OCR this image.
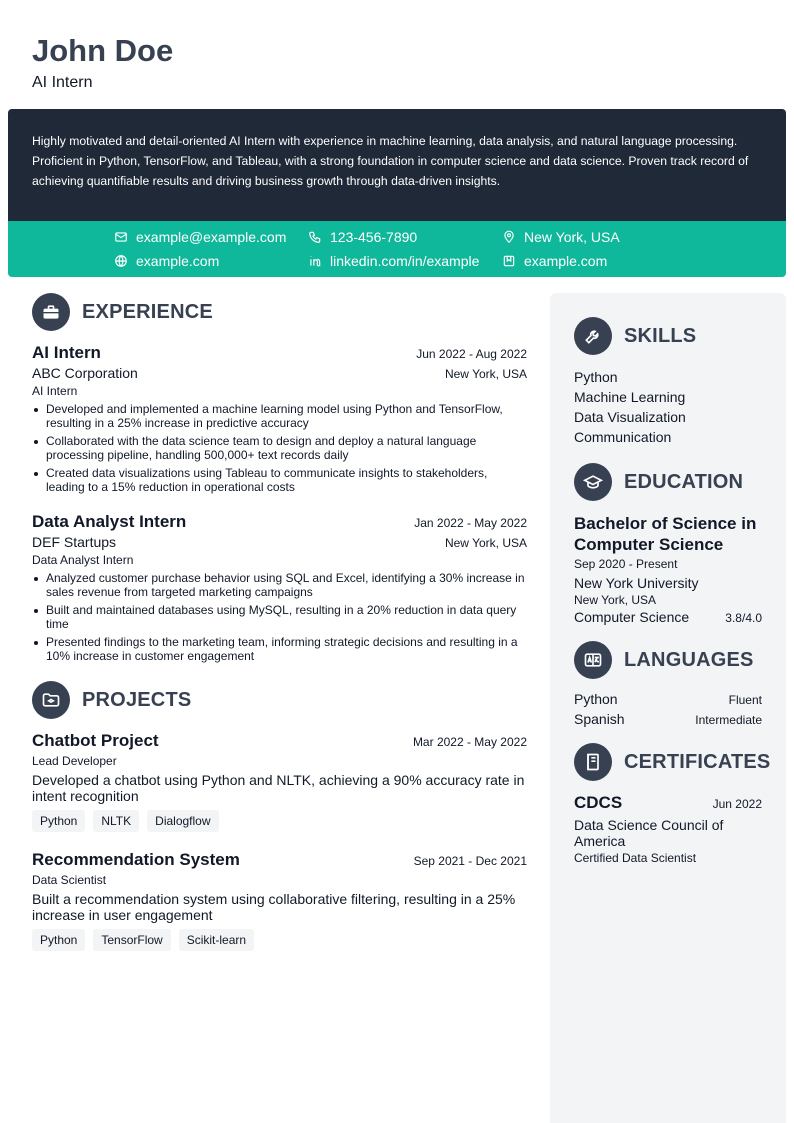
John Doe
AI Intern

Highly motivated and detail-oriented AI Intern with experience in machine learning, data analysis, and natural language processing. Proficient in Python, TensorFlow, and Tableau, with a strong foundation in computer science and data science. Proven track record of achieving quantifiable results and driving business growth through data-driven insights.

example@example.com	123-456-7890	New York, USA
example.com	linkedin.com/in/example	example.com
EXPERIENCE
AI Intern	Jun 2022 - Aug 2022
ABC Corporation	New York, USA
AI Intern
Developed and implemented a machine learning model using Python and TensorFlow, resulting in a 25% increase in predictive accuracy
Collaborated with the data science team to design and deploy a natural language processing pipeline, handling 500,000+ text records daily
Created data visualizations using Tableau to communicate insights to stakeholders, leading to a 15% reduction in operational costs
Data Analyst Intern	Jan 2022 - May 2022
DEF Startups	New York, USA
Data Analyst Intern
Analyzed customer purchase behavior using SQL and Excel, identifying a 30% increase in sales revenue from targeted marketing campaigns
Built and maintained databases using MySQL, resulting in a 20% reduction in data query time
Presented findings to the marketing team, informing strategic decisions and resulting in a 10% increase in customer engagement
PROJECTS
Chatbot Project	Mar 2022 - May 2022
Lead Developer
Developed a chatbot using Python and NLTK, achieving a 90% accuracy rate in intent recognition
Python	NLTK	Dialogflow
Recommendation System	Sep 2021 - Dec 2021
Data Scientist
Built a recommendation system using collaborative filtering, resulting in a 25% increase in user engagement
Python	TensorFlow	Scikit-learn
SKILLS
Python
Machine Learning
Data Visualization
Communication
EDUCATION
Bachelor of Science in Computer Science
Sep 2020 - Present
New York University
New York, USA
Computer Science	3.8/4.0
LANGUAGES
Python	Fluent
Spanish	Intermediate
CERTIFICATES
CDCS	Jun 2022
Data Science Council of America
Certified Data Scientist
